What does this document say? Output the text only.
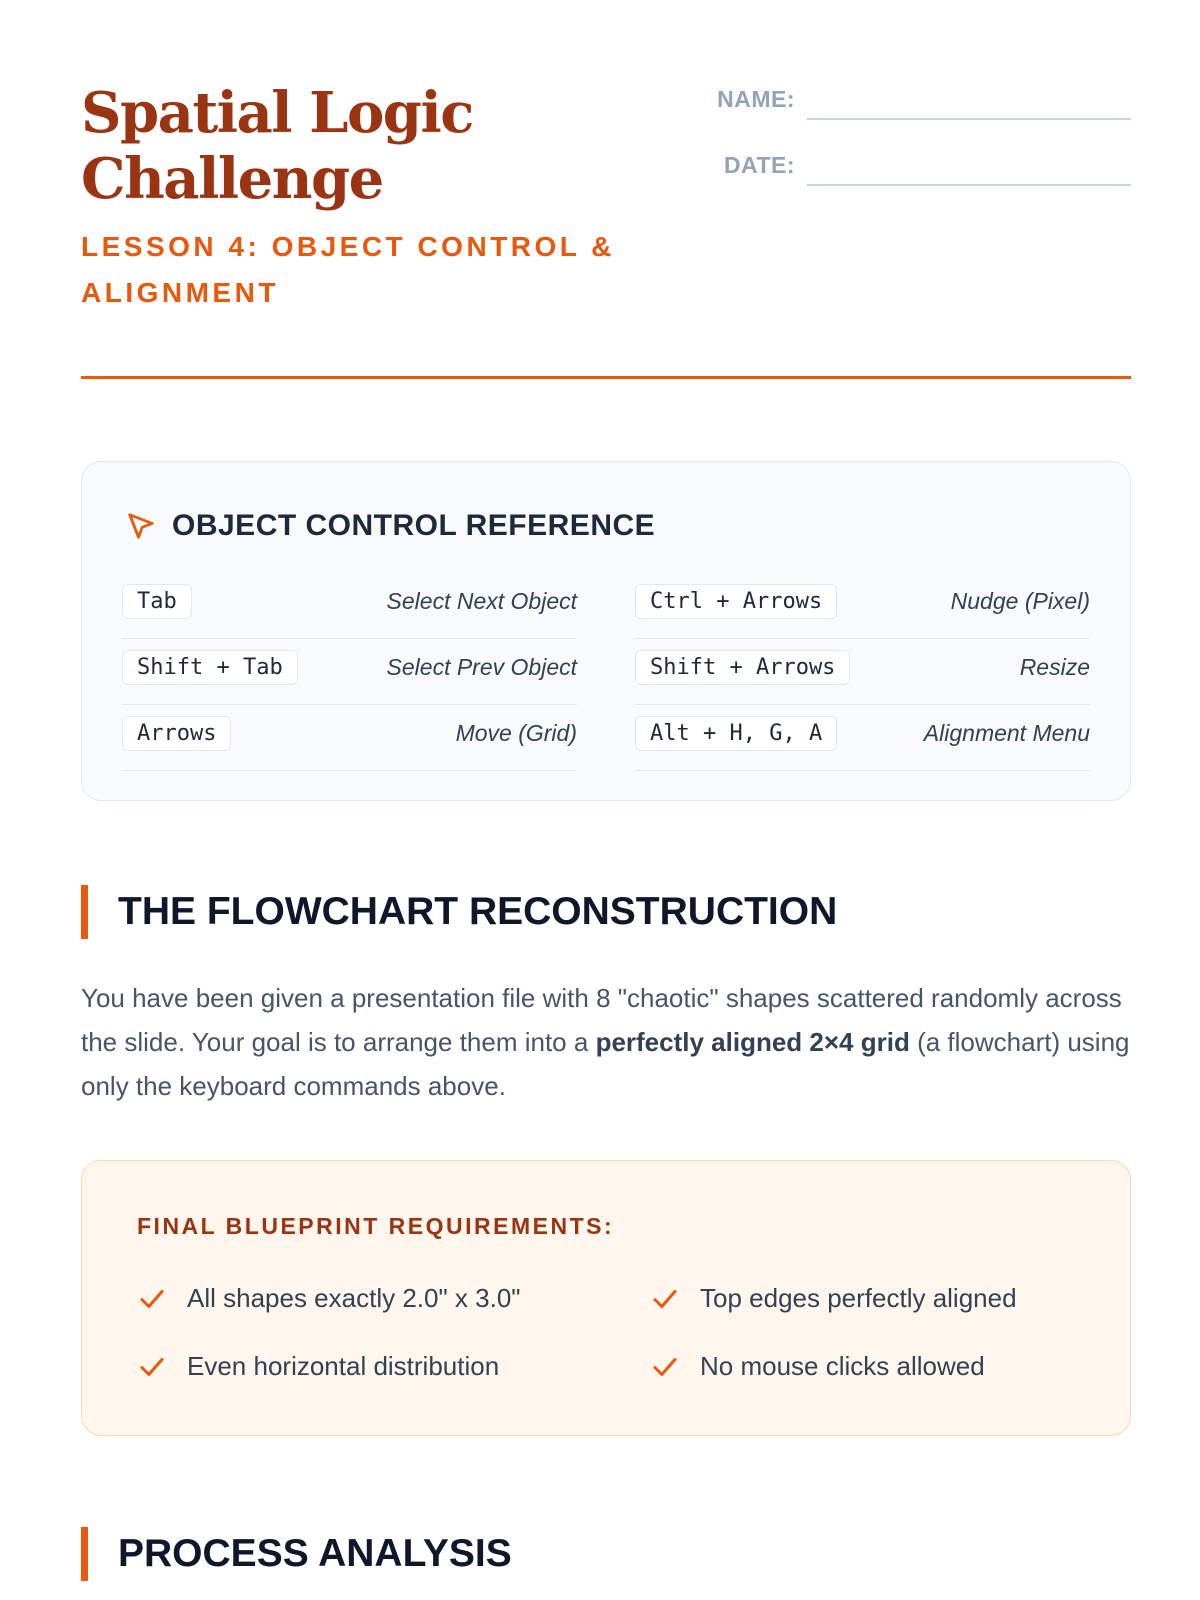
Spatial Logic Challenge
LESSON 4: OBJECT CONTROL & ALIGNMENT
NAME:
DATE:
OBJECT CONTROL REFERENCE
Tab	Select Next Object	Ctrl + Arrows	Nudge (Pixel)
Shift + Tab	Select Prev Object	Shift + Arrows	Resize
Arrows	Move (Grid)	Alt + H, G, A	Alignment Menu
THE FLOWCHART RECONSTRUCTION

You have been given a presentation file with 8 "chaotic" shapes scattered randomly across the slide. Your goal is to arrange them into a perfectly aligned 2×4 grid (a flowchart) using only the keyboard commands above.

FINAL BLUEPRINT REQUIREMENTS:
All shapes exactly 2.0" x 3.0"	Top edges perfectly aligned
Even horizontal distribution	No mouse clicks allowed
PROCESS ANALYSIS
